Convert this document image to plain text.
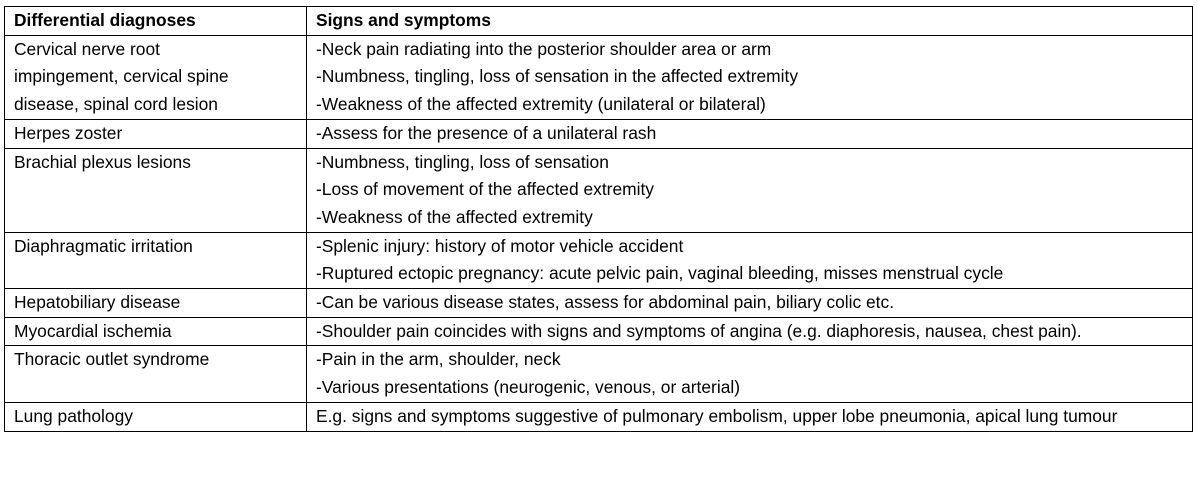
Differential diagnoses	Signs and symptoms

Cervical nerve root
impingement, cervical spine
disease, spinal cord lesion	-Neck pain radiating into the posterior shoulder area or arm
-Numbness, tingling, loss of sensation in the affected extremity
-Weakness of the affected extremity (unilateral or bilateral)

Herpes zoster	-Assess for the presence of a unilateral rash

Brachial plexus lesions	-Numbness, tingling, loss of sensation
-Loss of movement of the affected extremity
-Weakness of the affected extremity

Diaphragmatic irritation	-Splenic injury: history of motor vehicle accident
-Ruptured ectopic pregnancy: acute pelvic pain, vaginal bleeding, misses menstrual cycle

Hepatobiliary disease	-Can be various disease states, assess for abdominal pain, biliary colic etc.

Myocardial ischemia	-Shoulder pain coincides with signs and symptoms of angina (e.g. diaphoresis, nausea, chest pain).

Thoracic outlet syndrome	-Pain in the arm, shoulder, neck
-Various presentations (neurogenic, venous, or arterial)

Lung pathology	E.g. signs and symptoms suggestive of pulmonary embolism, upper lobe pneumonia, apical lung tumour
